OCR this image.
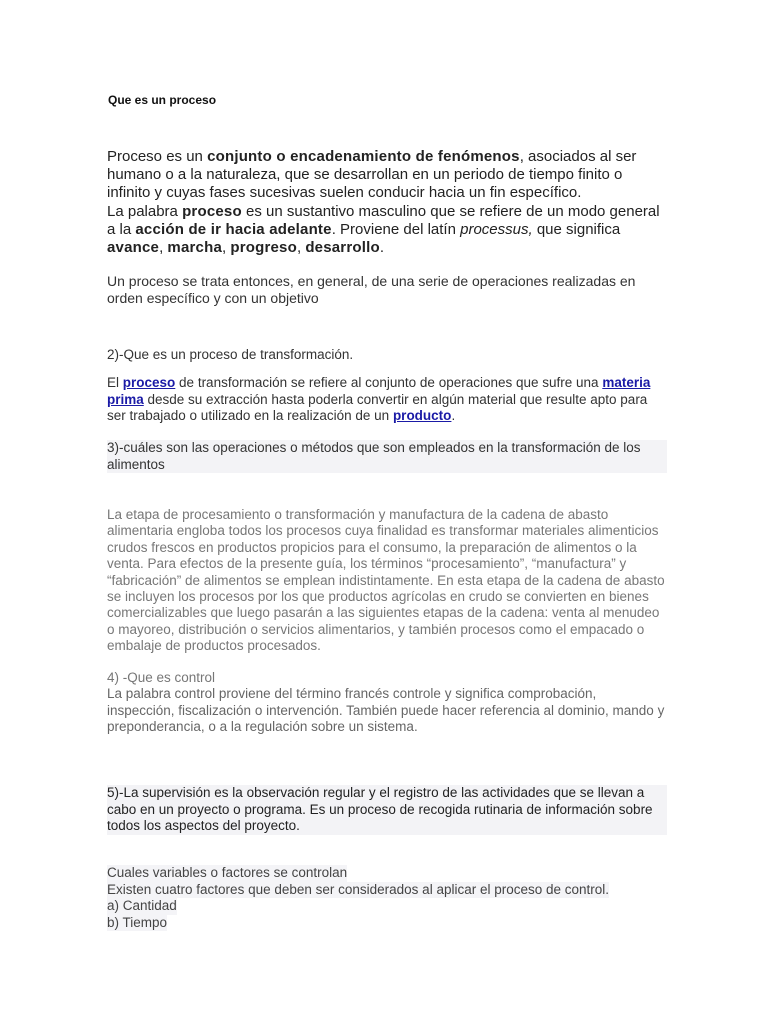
Que es un proceso
Proceso es un conjunto o encadenamiento de fenómenos, asociados al ser humano o a la naturaleza, que se desarrollan en un periodo de tiempo finito o infinito y cuyas fases sucesivas suelen conducir hacia un fin específico.
La palabra proceso es un sustantivo masculino que se refiere de un modo general a la acción de ir hacia adelante. Proviene del latín processus, que significa avance, marcha, progreso, desarrollo.
Un proceso se trata entonces, en general, de una serie de operaciones realizadas en orden específico y con un objetivo
2)-Que es un proceso de transformación.
El proceso de transformación se refiere al conjunto de operaciones que sufre una materia prima desde su extracción hasta poderla convertir en algún material que resulte apto para ser trabajado o utilizado en la realización de un producto.
3)-cuáles son las operaciones o métodos que son empleados en la transformación de los alimentos
La etapa de procesamiento o transformación y manufactura de la cadena de abasto alimentaria engloba todos los procesos cuya finalidad es transformar materiales alimenticios crudos frescos en productos propicios para el consumo, la preparación de alimentos o la venta. Para efectos de la presente guía, los términos “procesamiento”, “manufactura” y “fabricación” de alimentos se emplean indistintamente. En esta etapa de la cadena de abasto se incluyen los procesos por los que productos agrícolas en crudo se convierten en bienes comercializables que luego pasarán a las siguientes etapas de la cadena: venta al menudeo o mayoreo, distribución o servicios alimentarios, y también procesos como el empacado o embalaje de productos procesados.
4) -Que es control
La palabra control proviene del término francés controle y significa comprobación, inspección, fiscalización o intervención. También puede hacer referencia al dominio, mando y preponderancia, o a la regulación sobre un sistema.
5)-La supervisión es la observación regular y el registro de las actividades que se llevan a cabo en un proyecto o programa. Es un proceso de recogida rutinaria de información sobre todos los aspectos del proyecto.
Cuales variables o factores se controlan
Existen cuatro factores que deben ser considerados al aplicar el proceso de control.
a) Cantidad
b) Tiempo
